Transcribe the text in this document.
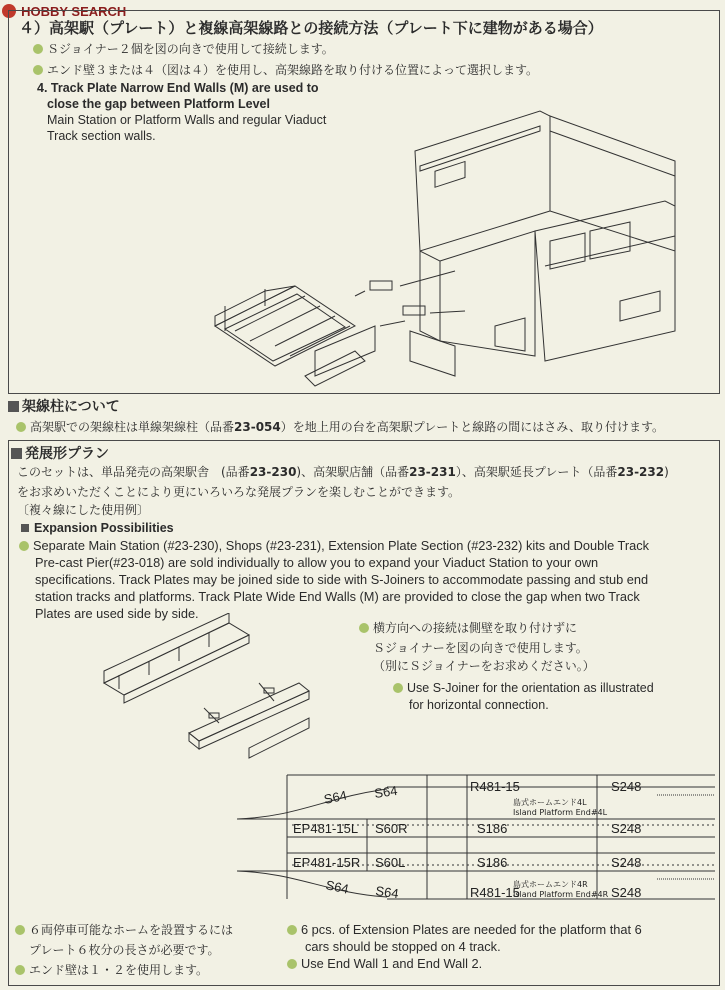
HOBBY SEARCH
４）高架駅（プレート）と複線高架線路との接続方法（プレート下に建物がある場合）
Ｓジョイナー２個を図の向きで使用して接続します。
エンド壁３または４（図は４）を使用し、高架線路を取り付ける位置によって選択します。
4. Track Plate Narrow End Walls (M) are used to
close the gap between Platform Level
Main Station or Platform Walls and regular Viaduct
Track section walls.
架線柱について
高架駅での架線柱は単線架線柱（品番23-054）を地上用の台を高架駅プレートと線路の間にはさみ、取り付けます。
発展形プラン
このセットは、単品発売の高架駅舎　(品番23-230)、高架駅店舗（品番23-231）、高架駅延長プレート（品番23-232)
をお求めいただくことにより更にいろいろな発展プランを楽しむことができます。
〔複々線にした使用例〕
Expansion Possibilities
Separate Main Station (#23-230), Shops (#23-231), Extension Plate Section (#23-232) kits and Double Track
Pre-cast Pier(#23-018) are sold individually to allow you to expand your Viaduct Station to your own
specifications. Track Plates may be joined side to side with S-Joiners to accommodate passing and stub end
station tracks and platforms. Track Plate Wide End Walls (M) are provided to close the gap when two Track
Plates are used side by side.
横方向への接続は側壁を取り付けずに
Ｓジョイナーを図の向きで使用します。
（別にＳジョイナーをお求めください。）
Use S-Joiner for the orientation as illustrated
for horizontal connection.
S64 S64	R481-15	S248
島式ホームエンド4L
Island Platform End#4L
EP481-15L S60R	S186	S248
EP481-15R S60L	S186	S248
島式ホームエンド4R
Island Platform End#4R
S64 S64	R481-15	S248
６両停車可能なホームを設置するには
プレート６枚分の長さが必要です。
エンド壁は１・２を使用します。
6 pcs. of Extension Plates are needed for the platform that 6
cars should be stopped on 4 track.
Use End Wall 1 and End Wall 2.
